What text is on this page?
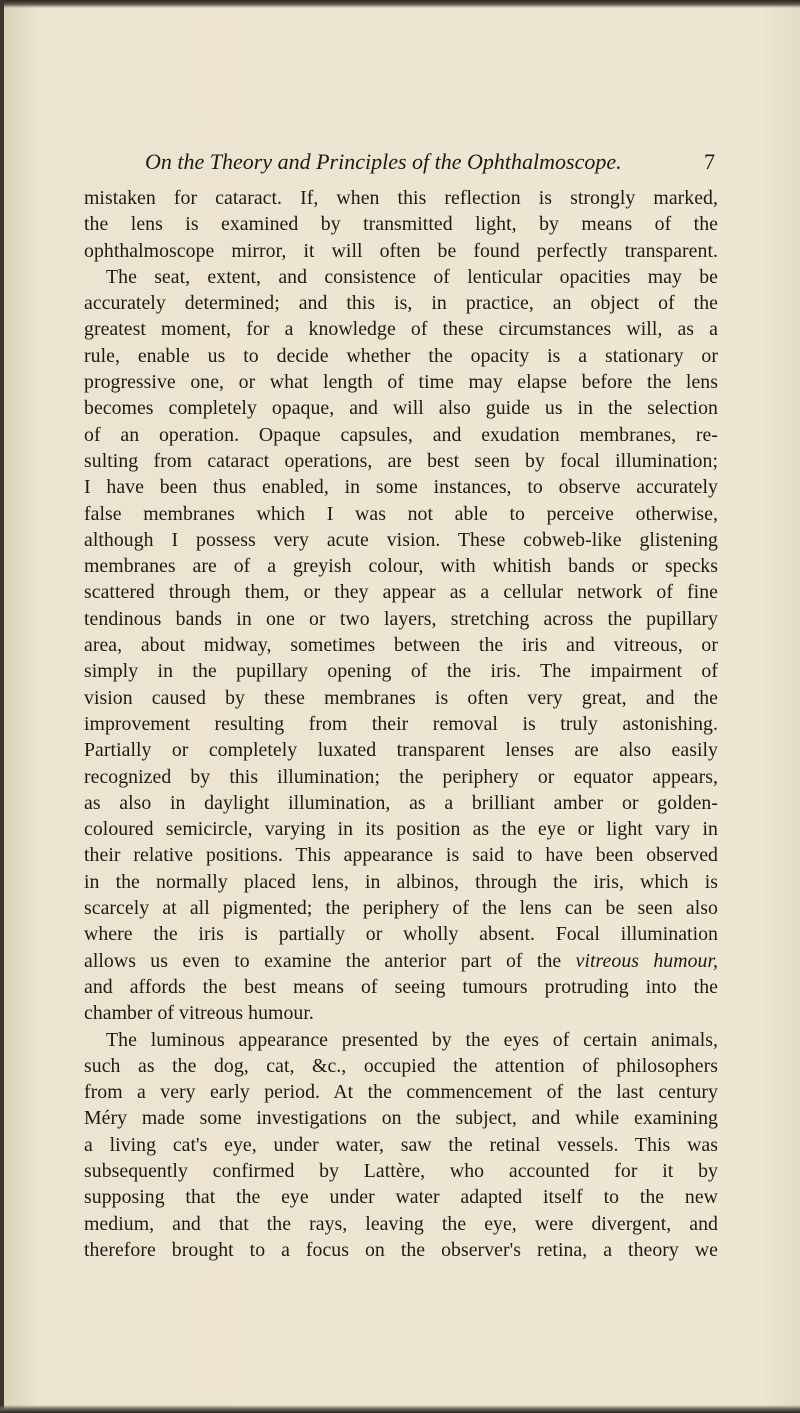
On the Theory and Principles of the Ophthalmoscope.	7
mistaken for cataract. If, when this reflection is strongly marked,
the lens is examined by transmitted light, by means of the
ophthalmoscope mirror, it will often be found perfectly transparent.
The seat, extent, and consistence of lenticular opacities may be
accurately determined; and this is, in practice, an object of the
greatest moment, for a knowledge of these circumstances will, as a
rule, enable us to decide whether the opacity is a stationary or
progressive one, or what length of time may elapse before the lens
becomes completely opaque, and will also guide us in the selection
of an operation. Opaque capsules, and exudation membranes, re-
sulting from cataract operations, are best seen by focal illumination;
I have been thus enabled, in some instances, to observe accurately
false membranes which I was not able to perceive otherwise,
although I possess very acute vision. These cobweb-like glistening
membranes are of a greyish colour, with whitish bands or specks
scattered through them, or they appear as a cellular network of fine
tendinous bands in one or two layers, stretching across the pupillary
area, about midway, sometimes between the iris and vitreous, or
simply in the pupillary opening of the iris. The impairment of
vision caused by these membranes is often very great, and the
improvement resulting from their removal is truly astonishing.
Partially or completely luxated transparent lenses are also easily
recognized by this illumination; the periphery or equator appears,
as also in daylight illumination, as a brilliant amber or golden-
coloured semicircle, varying in its position as the eye or light vary in
their relative positions. This appearance is said to have been observed
in the normally placed lens, in albinos, through the iris, which is
scarcely at all pigmented; the periphery of the lens can be seen also
where the iris is partially or wholly absent. Focal illumination
allows us even to examine the anterior part of the vitreous humour,
and affords the best means of seeing tumours protruding into the
chamber of vitreous humour.
The luminous appearance presented by the eyes of certain animals,
such as the dog, cat, &c., occupied the attention of philosophers
from a very early period. At the commencement of the last century
Méry made some investigations on the subject, and while examining
a living cat's eye, under water, saw the retinal vessels. This was
subsequently confirmed by Lattère, who accounted for it by
supposing that the eye under water adapted itself to the new
medium, and that the rays, leaving the eye, were divergent, and
therefore brought to a focus on the observer's retina, a theory we
